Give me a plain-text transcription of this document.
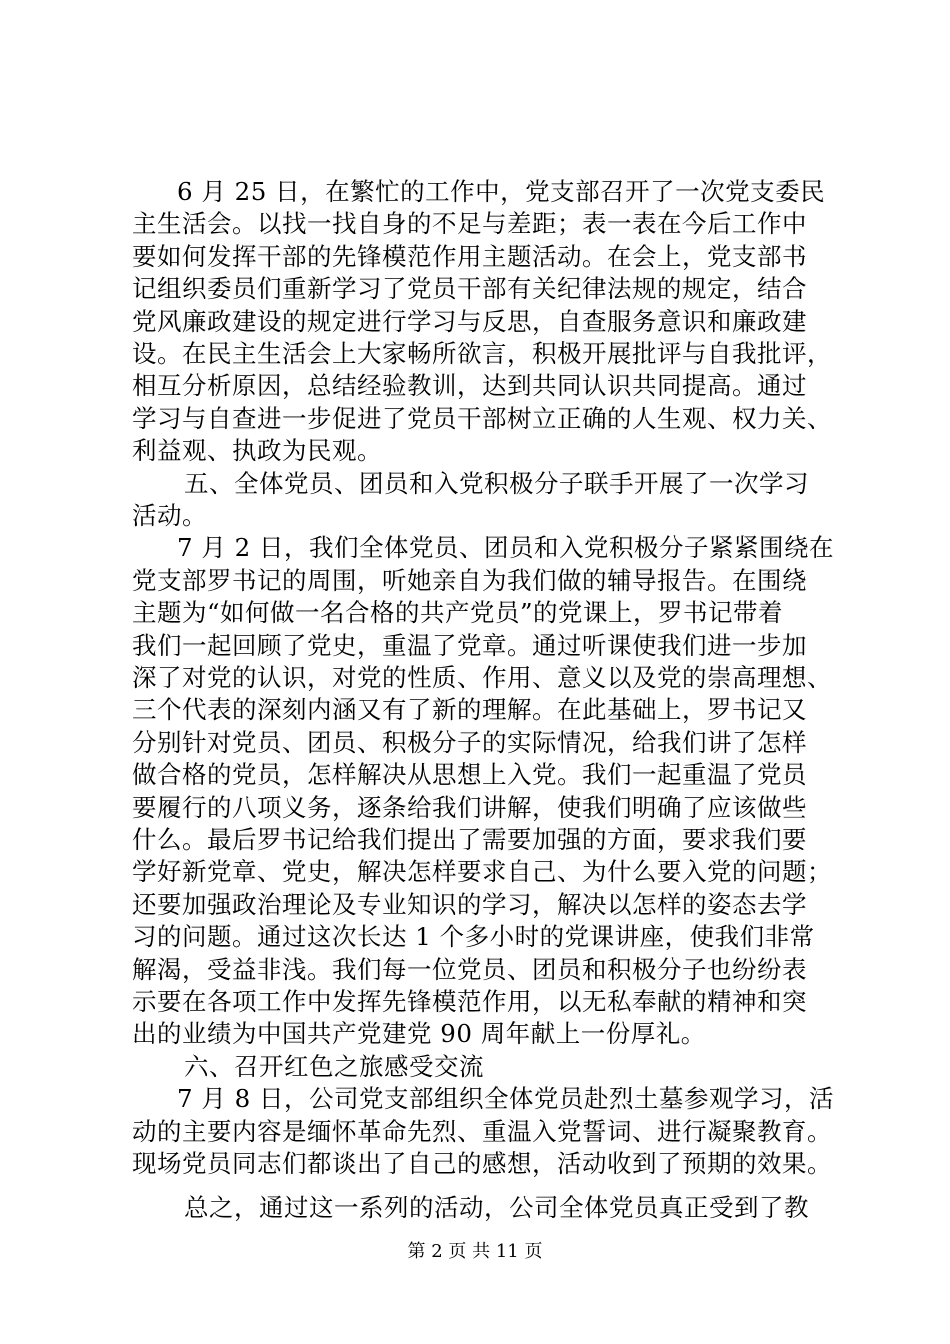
6 月 25 日，在繁忙的工作中，党支部召开了一次党支委民
主生活会。以找一找自身的不足与差距；表一表在今后工作中
要如何发挥干部的先锋模范作用主题活动。在会上，党支部书
记组织委员们重新学习了党员干部有关纪律法规的规定，结合
党风廉政建设的规定进行学习与反思，自查服务意识和廉政建
设。在民主生活会上大家畅所欲言，积极开展批评与自我批评，
相互分析原因，总结经验教训，达到共同认识共同提高。通过
学习与自查进一步促进了党员干部树立正确的人生观、权力关、
利益观、执政为民观。
五、全体党员、团员和入党积极分子联手开展了一次学习
活动。
7 月 2 日，我们全体党员、团员和入党积极分子紧紧围绕在
党支部罗书记的周围，听她亲自为我们做的辅导报告。在围绕
主题为“如何做一名合格的共产党员”的党课上，罗书记带着
我们一起回顾了党史，重温了党章。通过听课使我们进一步加
深了对党的认识，对党的性质、作用、意义以及党的崇高理想、
三个代表的深刻内涵又有了新的理解。在此基础上，罗书记又
分别针对党员、团员、积极分子的实际情况，给我们讲了怎样
做合格的党员，怎样解决从思想上入党。我们一起重温了党员
要履行的八项义务，逐条给我们讲解，使我们明确了应该做些
什么。最后罗书记给我们提出了需要加强的方面，要求我们要
学好新党章、党史，解决怎样要求自己、为什么要入党的问题；
还要加强政治理论及专业知识的学习，解决以怎样的姿态去学
习的问题。通过这次长达 1 个多小时的党课讲座，使我们非常
解渴，受益非浅。我们每一位党员、团员和积极分子也纷纷表
示要在各项工作中发挥先锋模范作用，以无私奉献的精神和突
出的业绩为中国共产党建党 90 周年献上一份厚礼。
六、召开红色之旅感受交流
7 月 8 日，公司党支部组织全体党员赴烈土墓参观学习，活
动的主要内容是缅怀革命先烈、重温入党誓词、进行凝聚教育。
现场党员同志们都谈出了自己的感想，活动收到了预期的效果。
总之，通过这一系列的活动，公司全体党员真正受到了教
第 2 页 共 11 页
